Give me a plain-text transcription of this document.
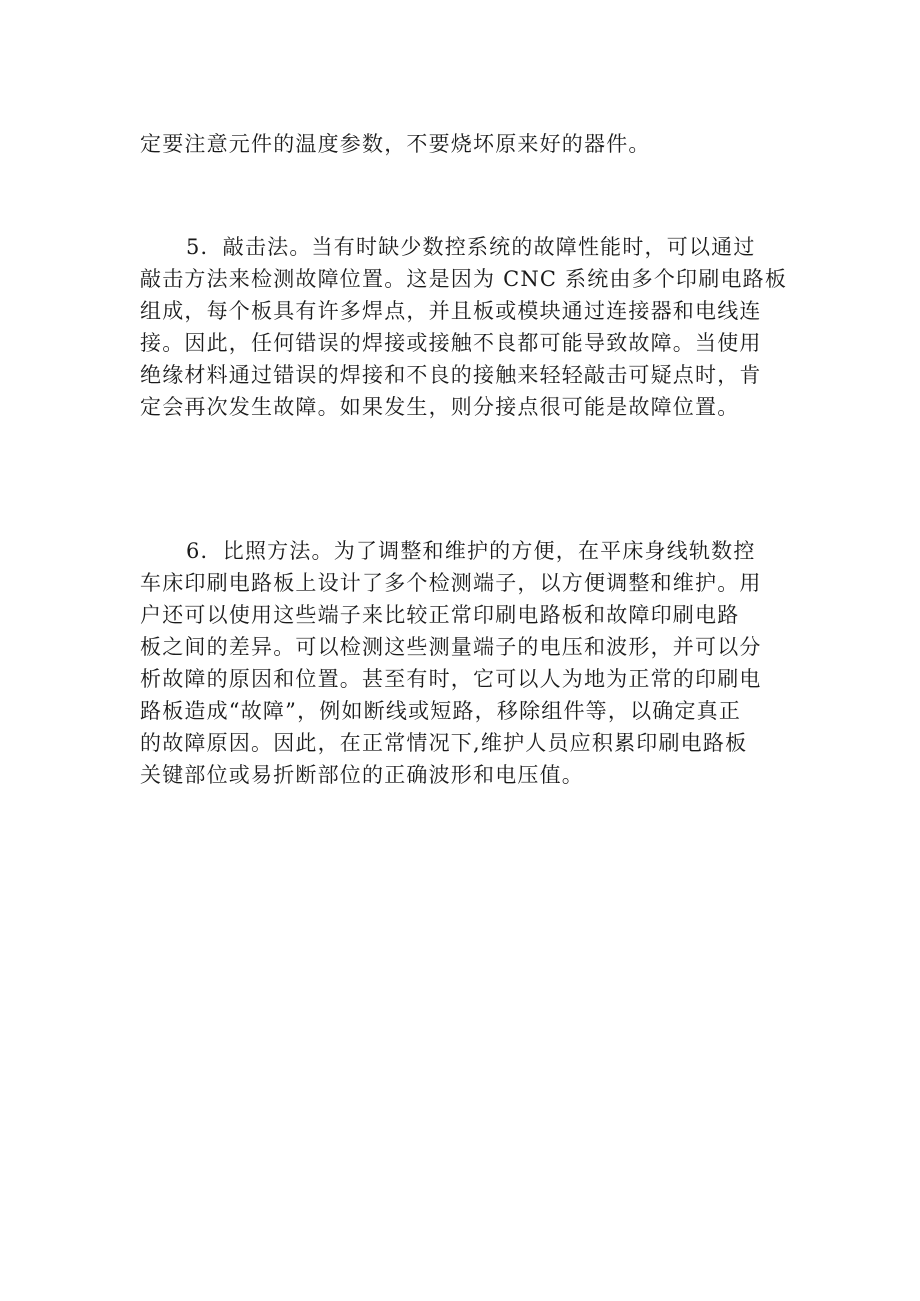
定要注意元件的温度参数，不要烧坏原来好的器件。

5．敲击法。当有时缺少数控系统的故障性能时，可以通过
敲击方法来检测故障位置。这是因为 CNC 系统由多个印刷电路板
组成，每个板具有许多焊点，并且板或模块通过连接器和电线连
接。因此，任何错误的焊接或接触不良都可能导致故障。当使用
绝缘材料通过错误的焊接和不良的接触来轻轻敲击可疑点时，肯
定会再次发生故障。如果发生，则分接点很可能是故障位置。

6．比照方法。为了调整和维护的方便，在平床身线轨数控
车床印刷电路板上设计了多个检测端子，以方便调整和维护。用
户还可以使用这些端子来比较正常印刷电路板和故障印刷电路
板之间的差异。可以检测这些测量端子的电压和波形，并可以分
析故障的原因和位置。甚至有时，它可以人为地为正常的印刷电
路板造成“故障”，例如断线或短路，移除组件等，以确定真正
的故障原因。因此，在正常情况下,维护人员应积累印刷电路板
关键部位或易折断部位的正确波形和电压值。
